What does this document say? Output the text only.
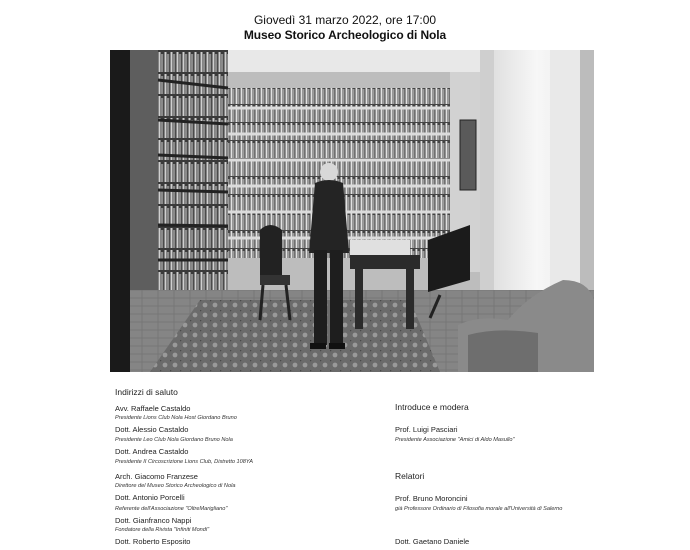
Giovedì 31 marzo 2022, ore 17:00
Museo Storico Archeologico di Nola
Indirizzi di saluto
Avv. Raffaele Castaldo
Presidente Lions Club Nola Host Giordano Bruno
Dott. Alessio Castaldo
Presidente Leo Club Nola Giordano Bruno Nola
Dott. Andrea Castaldo
Presidente II Circoscrizione Lions Club, Distretto 108YA
Arch. Giacomo Franzese
Direttore del Museo Storico Archeologico di Nola
Dott. Antonio Porcelli
Referente dell'Associazione "OltreMarigliano"
Dott. Gianfranco Nappi
Fondatore della Rivista "Infiniti Mondi"
Dott. Roberto Esposito
Introduce e modera
Prof. Luigi Pasciari
Presidente Associazione "Amici di Aldo Masullo"
Relatori
Prof. Bruno Moroncini
già Professore Ordinario di Filosofia morale all'Università di Salerno
Dott. Gaetano Daniele
